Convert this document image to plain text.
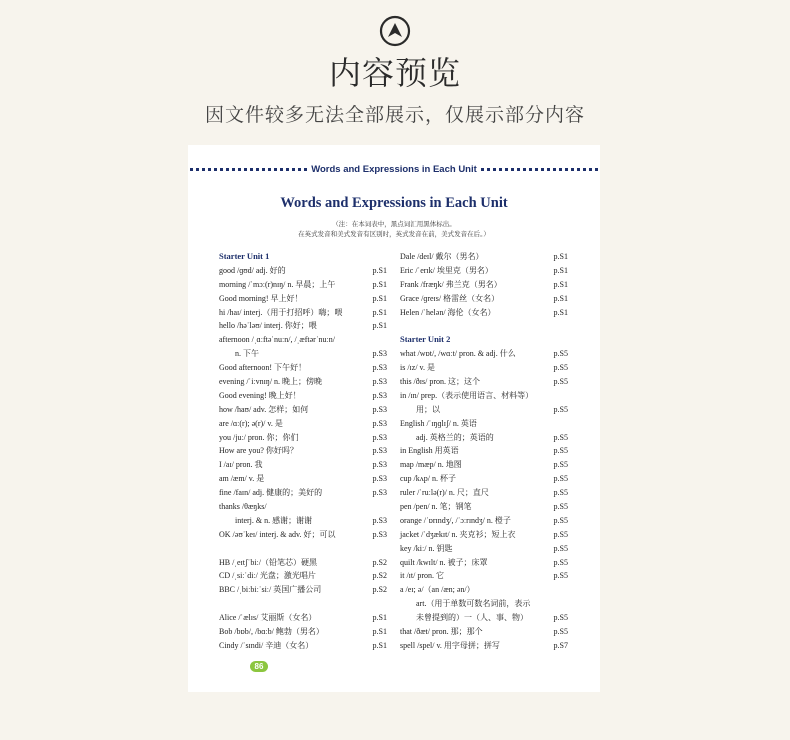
内容预览
因文件较多无法全部展示，仅展示部分内容
Words and Expressions in Each Unit
Words and Expressions in Each Unit
（注：在本词表中，黑点词汇用黑体标出。
在英式发音和美式发音有区别时，英式发音在前，美式发音在后。）
Starter Unit 1
good /ɡʊd/ adj. 好的	p.S1
morning /ˈmɔː(r)nɪŋ/ n. 早晨；上午	p.S1
Good morning! 早上好！	p.S1
hi /haɪ/ interj.（用于打招呼）嗨；喂	p.S1
hello /həˈləʊ/ interj. 你好；喂	p.S1
afternoon /ˌɑːftəˈnuːn/, /ˌæftərˈnuːn/
n. 下午	p.S3
Good afternoon! 下午好！	p.S3
evening /ˈiːvnɪŋ/ n. 晚上；傍晚	p.S3
Good evening! 晚上好！	p.S3
how /haʊ/ adv. 怎样；如何	p.S3
are /ɑː(r); ə(r)/ v. 是	p.S3
you /juː/ pron. 你；你们	p.S3
How are you? 你好吗？	p.S3
I /aɪ/ pron. 我	p.S3
am /æm/ v. 是	p.S3
fine /faɪn/ adj. 健康的；美好的	p.S3
thanks /θæŋks/
interj. & n. 感谢；谢谢	p.S3
OK /əʊˈkeɪ/ interj. & adv. 好；可以	p.S3
HB /ˌeɪtʃˈbiː/（铅笔芯）硬黑	p.S2
CD /ˌsiːˈdiː/ 光盘；激光唱片	p.S2
BBC /ˌbiːbiːˈsiː/ 英国广播公司	p.S2
Alice /ˈælɪs/ 艾丽斯（女名）	p.S1
Bob /bɒb/, /bɑːb/ 鲍勃（男名）	p.S1
Cindy /ˈsɪndi/ 辛迪（女名）	p.S1
Dale /deɪl/ 戴尔（男名）	p.S1
Eric /ˈerɪk/ 埃里克（男名）	p.S1
Frank /fræŋk/ 弗兰克（男名）	p.S1
Grace /ɡreɪs/ 格雷丝（女名）	p.S1
Helen /ˈhelən/ 海伦（女名）	p.S1
Starter Unit 2
what /wɒt/, /wɑːt/ pron. & adj. 什么	p.S5
is /ɪz/ v. 是	p.S5
this /ðɪs/ pron. 这；这个	p.S5
in /ɪn/ prep.（表示使用语言、材料等）
用；以	p.S5
English /ˈɪŋɡlɪʃ/ n. 英语
adj. 英格兰的；英语的	p.S5
in English 用英语	p.S5
map /mæp/ n. 地图	p.S5
cup /kʌp/ n. 杯子	p.S5
ruler /ˈruːlə(r)/ n. 尺；直尺	p.S5
pen /pen/ n. 笔；钢笔	p.S5
orange /ˈɒrɪndʒ/, /ˈɔːrɪndʒ/ n. 橙子	p.S5
jacket /ˈdʒækɪt/ n. 夹克衫；短上衣	p.S5
key /kiː/ n. 钥匙	p.S5
quilt /kwɪlt/ n. 被子；床罩	p.S5
it /ɪt/ pron. 它	p.S5
a /eɪ; ə/（an /æn; ən/）
art.（用于单数可数名词前，表示
未曾提到的）一（人、事、物）	p.S5
that /ðæt/ pron. 那；那个	p.S5
spell /spel/ v. 用字母拼；拼写	p.S7
86
